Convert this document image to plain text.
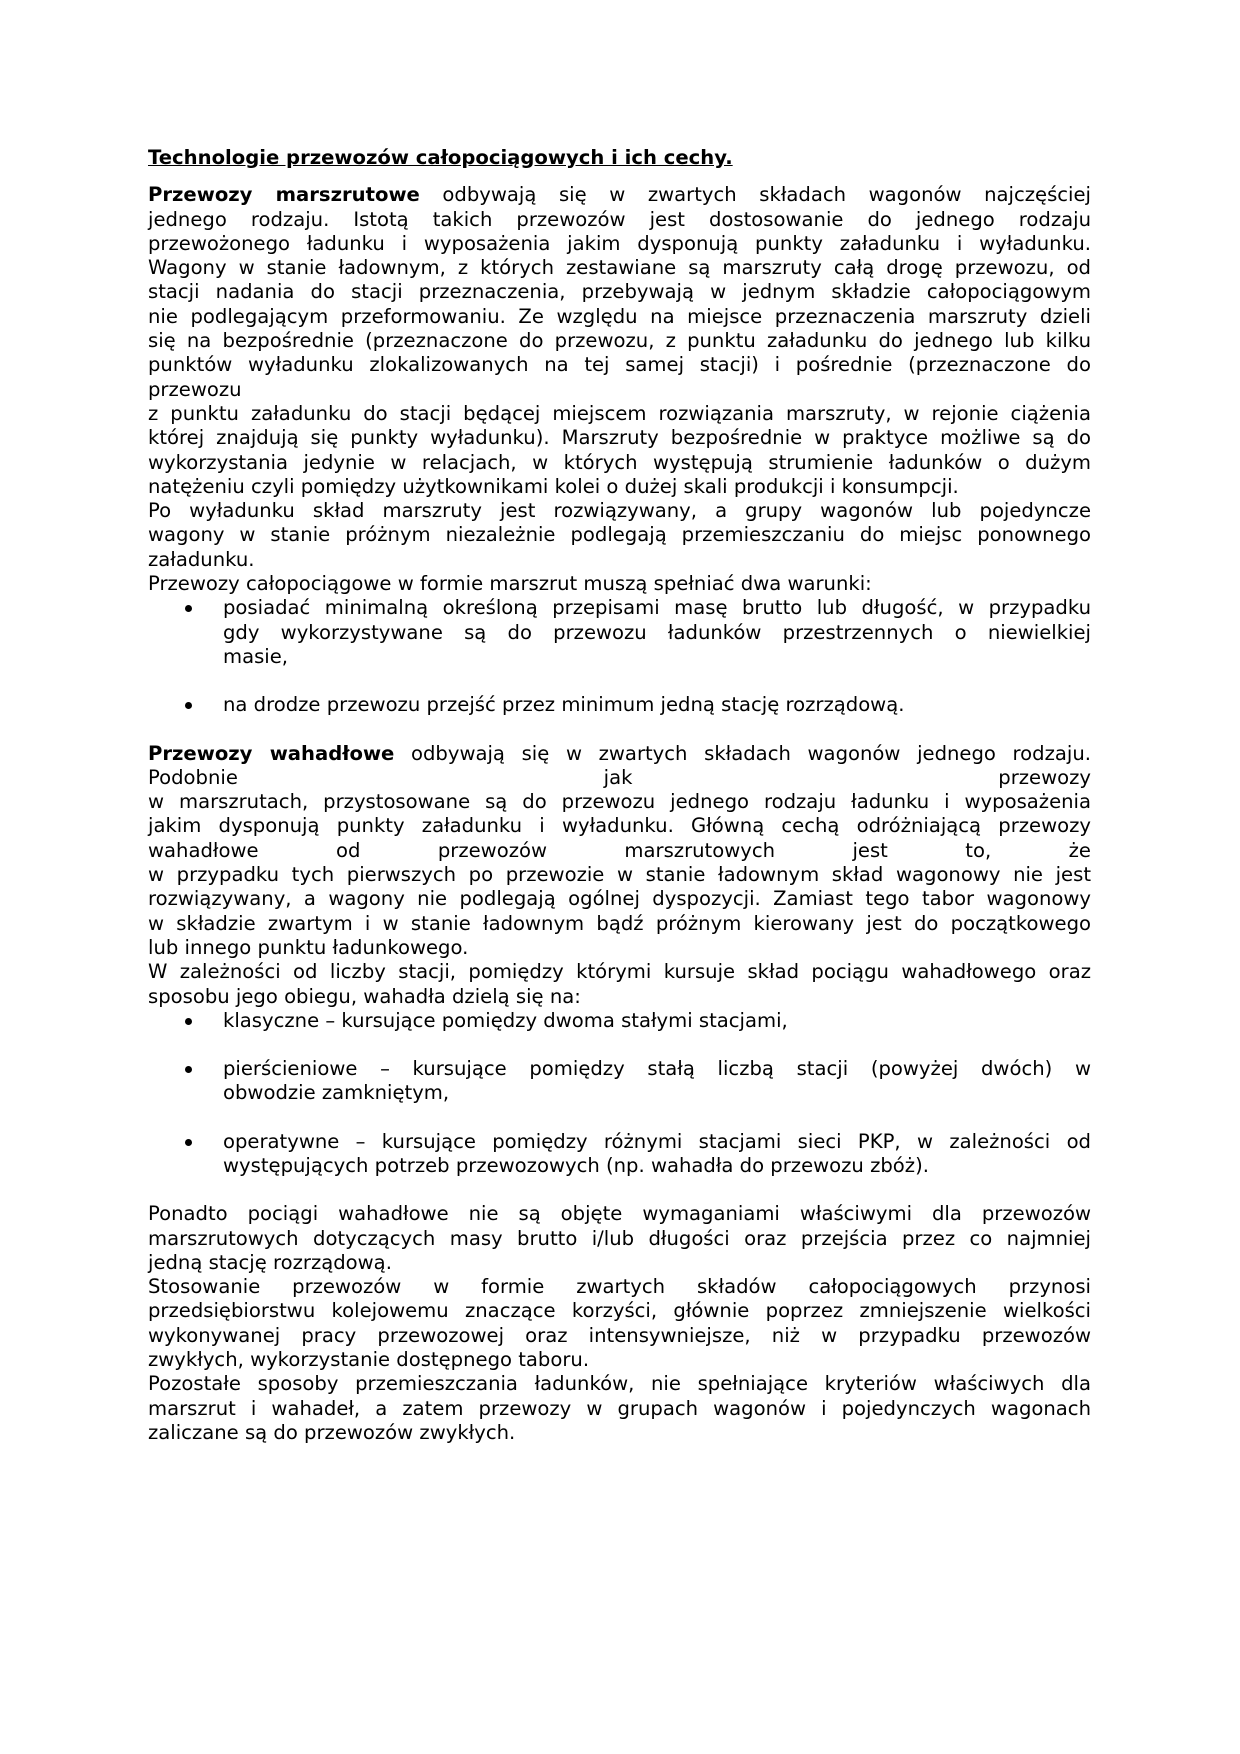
Technologie przewozów całopociągowych i ich cechy.

Przewozy marszrutowe odbywają się w zwartych składach wagonów najczęściej

jednego rodzaju. Istotą takich przewozów jest dostosowanie do jednego rodzaju

przewożonego ładunku i wyposażenia jakim dysponują punkty załadunku i wyładunku.

Wagony w stanie ładownym, z których zestawiane są marszruty całą drogę przewozu, od

stacji nadania do stacji przeznaczenia, przebywają w jednym składzie całopociągowym

nie podlegającym przeformowaniu. Ze względu na miejsce przeznaczenia marszruty dzieli

się na bezpośrednie (przeznaczone do przewozu, z punktu załadunku do jednego lub kilku

punktów wyładunku zlokalizowanych na tej samej stacji) i pośrednie (przeznaczone do

przewozu

z punktu załadunku do stacji będącej miejscem rozwiązania marszruty, w rejonie ciążenia

której znajdują się punkty wyładunku). Marszruty bezpośrednie w praktyce możliwe są do

wykorzystania jedynie w relacjach, w których występują strumienie ładunków o dużym

natężeniu czyli pomiędzy użytkownikami kolei o dużej skali produkcji i konsumpcji.

Po wyładunku skład marszruty jest rozwiązywany, a grupy wagonów lub pojedyncze

wagony w stanie próżnym niezależnie podlegają przemieszczaniu do miejsc ponownego

załadunku.

Przewozy całopociągowe w formie marszrut muszą spełniać dwa warunki:

posiadać minimalną określoną przepisami masę brutto lub długość, w przypadku

gdy wykorzystywane są do przewozu ładunków przestrzennych o niewielkiej

masie,

na drodze przewozu przejść przez minimum jedną stację rozrządową.

Przewozy wahadłowe odbywają się w zwartych składach wagonów jednego rodzaju.

Podobnie jak przewozy

w marszrutach, przystosowane są do przewozu jednego rodzaju ładunku i wyposażenia

jakim dysponują punkty załadunku i wyładunku. Główną cechą odróżniającą przewozy

wahadłowe od przewozów marszrutowych jest to, że

w przypadku tych pierwszych po przewozie w stanie ładownym skład wagonowy nie jest

rozwiązywany, a wagony nie podlegają ogólnej dyspozycji. Zamiast tego tabor wagonowy

w składzie zwartym i w stanie ładownym bądź próżnym kierowany jest do początkowego

lub innego punktu ładunkowego.

W zależności od liczby stacji, pomiędzy którymi kursuje skład pociągu wahadłowego oraz

sposobu jego obiegu, wahadła dzielą się na:

klasyczne – kursujące pomiędzy dwoma stałymi stacjami,

pierścieniowe – kursujące pomiędzy stałą liczbą stacji (powyżej dwóch) w

obwodzie zamkniętym,

operatywne – kursujące pomiędzy różnymi stacjami sieci PKP, w zależności od

występujących potrzeb przewozowych (np. wahadła do przewozu zbóż).

Ponadto pociągi wahadłowe nie są objęte wymaganiami właściwymi dla przewozów

marszrutowych dotyczących masy brutto i/lub długości oraz przejścia przez co najmniej

jedną stację rozrządową.

Stosowanie przewozów w formie zwartych składów całopociągowych przynosi

przedsiębiorstwu kolejowemu znaczące korzyści, głównie poprzez zmniejszenie wielkości

wykonywanej pracy przewozowej oraz intensywniejsze, niż w przypadku przewozów

zwykłych, wykorzystanie dostępnego taboru.

Pozostałe sposoby przemieszczania ładunków, nie spełniające kryteriów właściwych dla

marszrut i wahadeł, a zatem przewozy w grupach wagonów i pojedynczych wagonach

zaliczane są do przewozów zwykłych.
